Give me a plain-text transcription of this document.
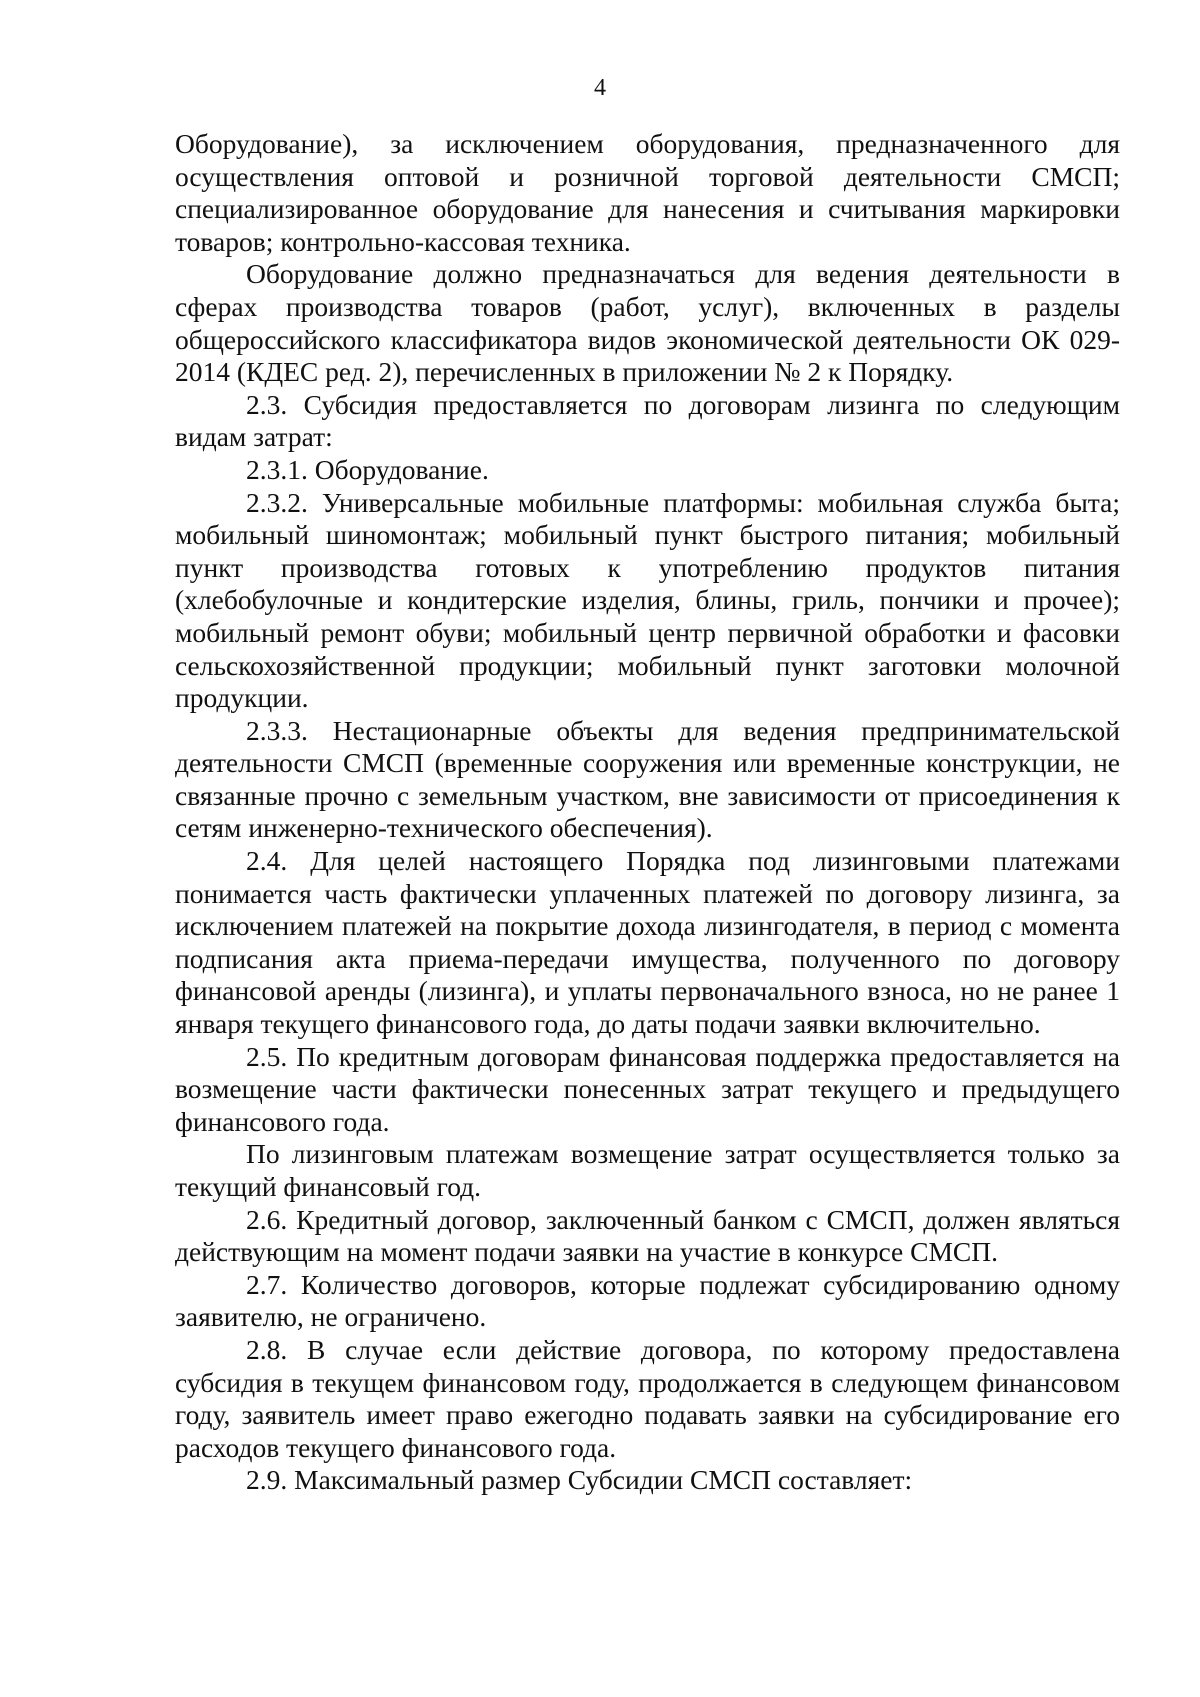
4

Оборудование), за исключением оборудования, предназначенного для осуществления оптовой и розничной торговой деятельности СМСП; специализированное оборудование для нанесения и считывания маркировки товаров; контрольно-кассовая техника.

Оборудование должно предназначаться для ведения деятельности в сферах производства товаров (работ, услуг), включенных в разделы общероссийского классификатора видов экономической деятельности ОК 029-2014 (КДЕС ред. 2), перечисленных в приложении № 2 к Порядку.

2.3. Субсидия предоставляется по договорам лизинга по следующим видам затрат:

2.3.1. Оборудование.

2.3.2. Универсальные мобильные платформы: мобильная служба быта; мобильный шиномонтаж; мобильный пункт быстрого питания; мобильный пункт производства готовых к употреблению продуктов питания (хлебобулочные и кондитерские изделия, блины, гриль, пончики и прочее); мобильный ремонт обуви; мобильный центр первичной обработки и фасовки сельскохозяйственной продукции; мобильный пункт заготовки молочной продукции.

2.3.3. Нестационарные объекты для ведения предпринимательской деятельности СМСП (временные сооружения или временные конструкции, не связанные прочно с земельным участком, вне зависимости от присоединения к сетям инженерно-технического обеспечения).

2.4. Для целей настоящего Порядка под лизинговыми платежами понимается часть фактически уплаченных платежей по договору лизинга, за исключением платежей на покрытие дохода лизингодателя, в период с момента подписания акта приема-передачи имущества, полученного по договору финансовой аренды (лизинга), и уплаты первоначального взноса, но не ранее 1 января текущего финансового года, до даты подачи заявки включительно.

2.5. По кредитным договорам финансовая поддержка предоставляется на возмещение части фактически понесенных затрат текущего и предыдущего финансового года.

По лизинговым платежам возмещение затрат осуществляется только за текущий финансовый год.

2.6. Кредитный договор, заключенный банком с СМСП, должен являться действующим на момент подачи заявки на участие в конкурсе СМСП.

2.7. Количество договоров, которые подлежат субсидированию одному заявителю, не ограничено.

2.8. В случае если действие договора, по которому предоставлена субсидия в текущем финансовом году, продолжается в следующем финансовом году, заявитель имеет право ежегодно подавать заявки на субсидирование его расходов текущего финансового года.

2.9. Максимальный размер Субсидии СМСП составляет:
